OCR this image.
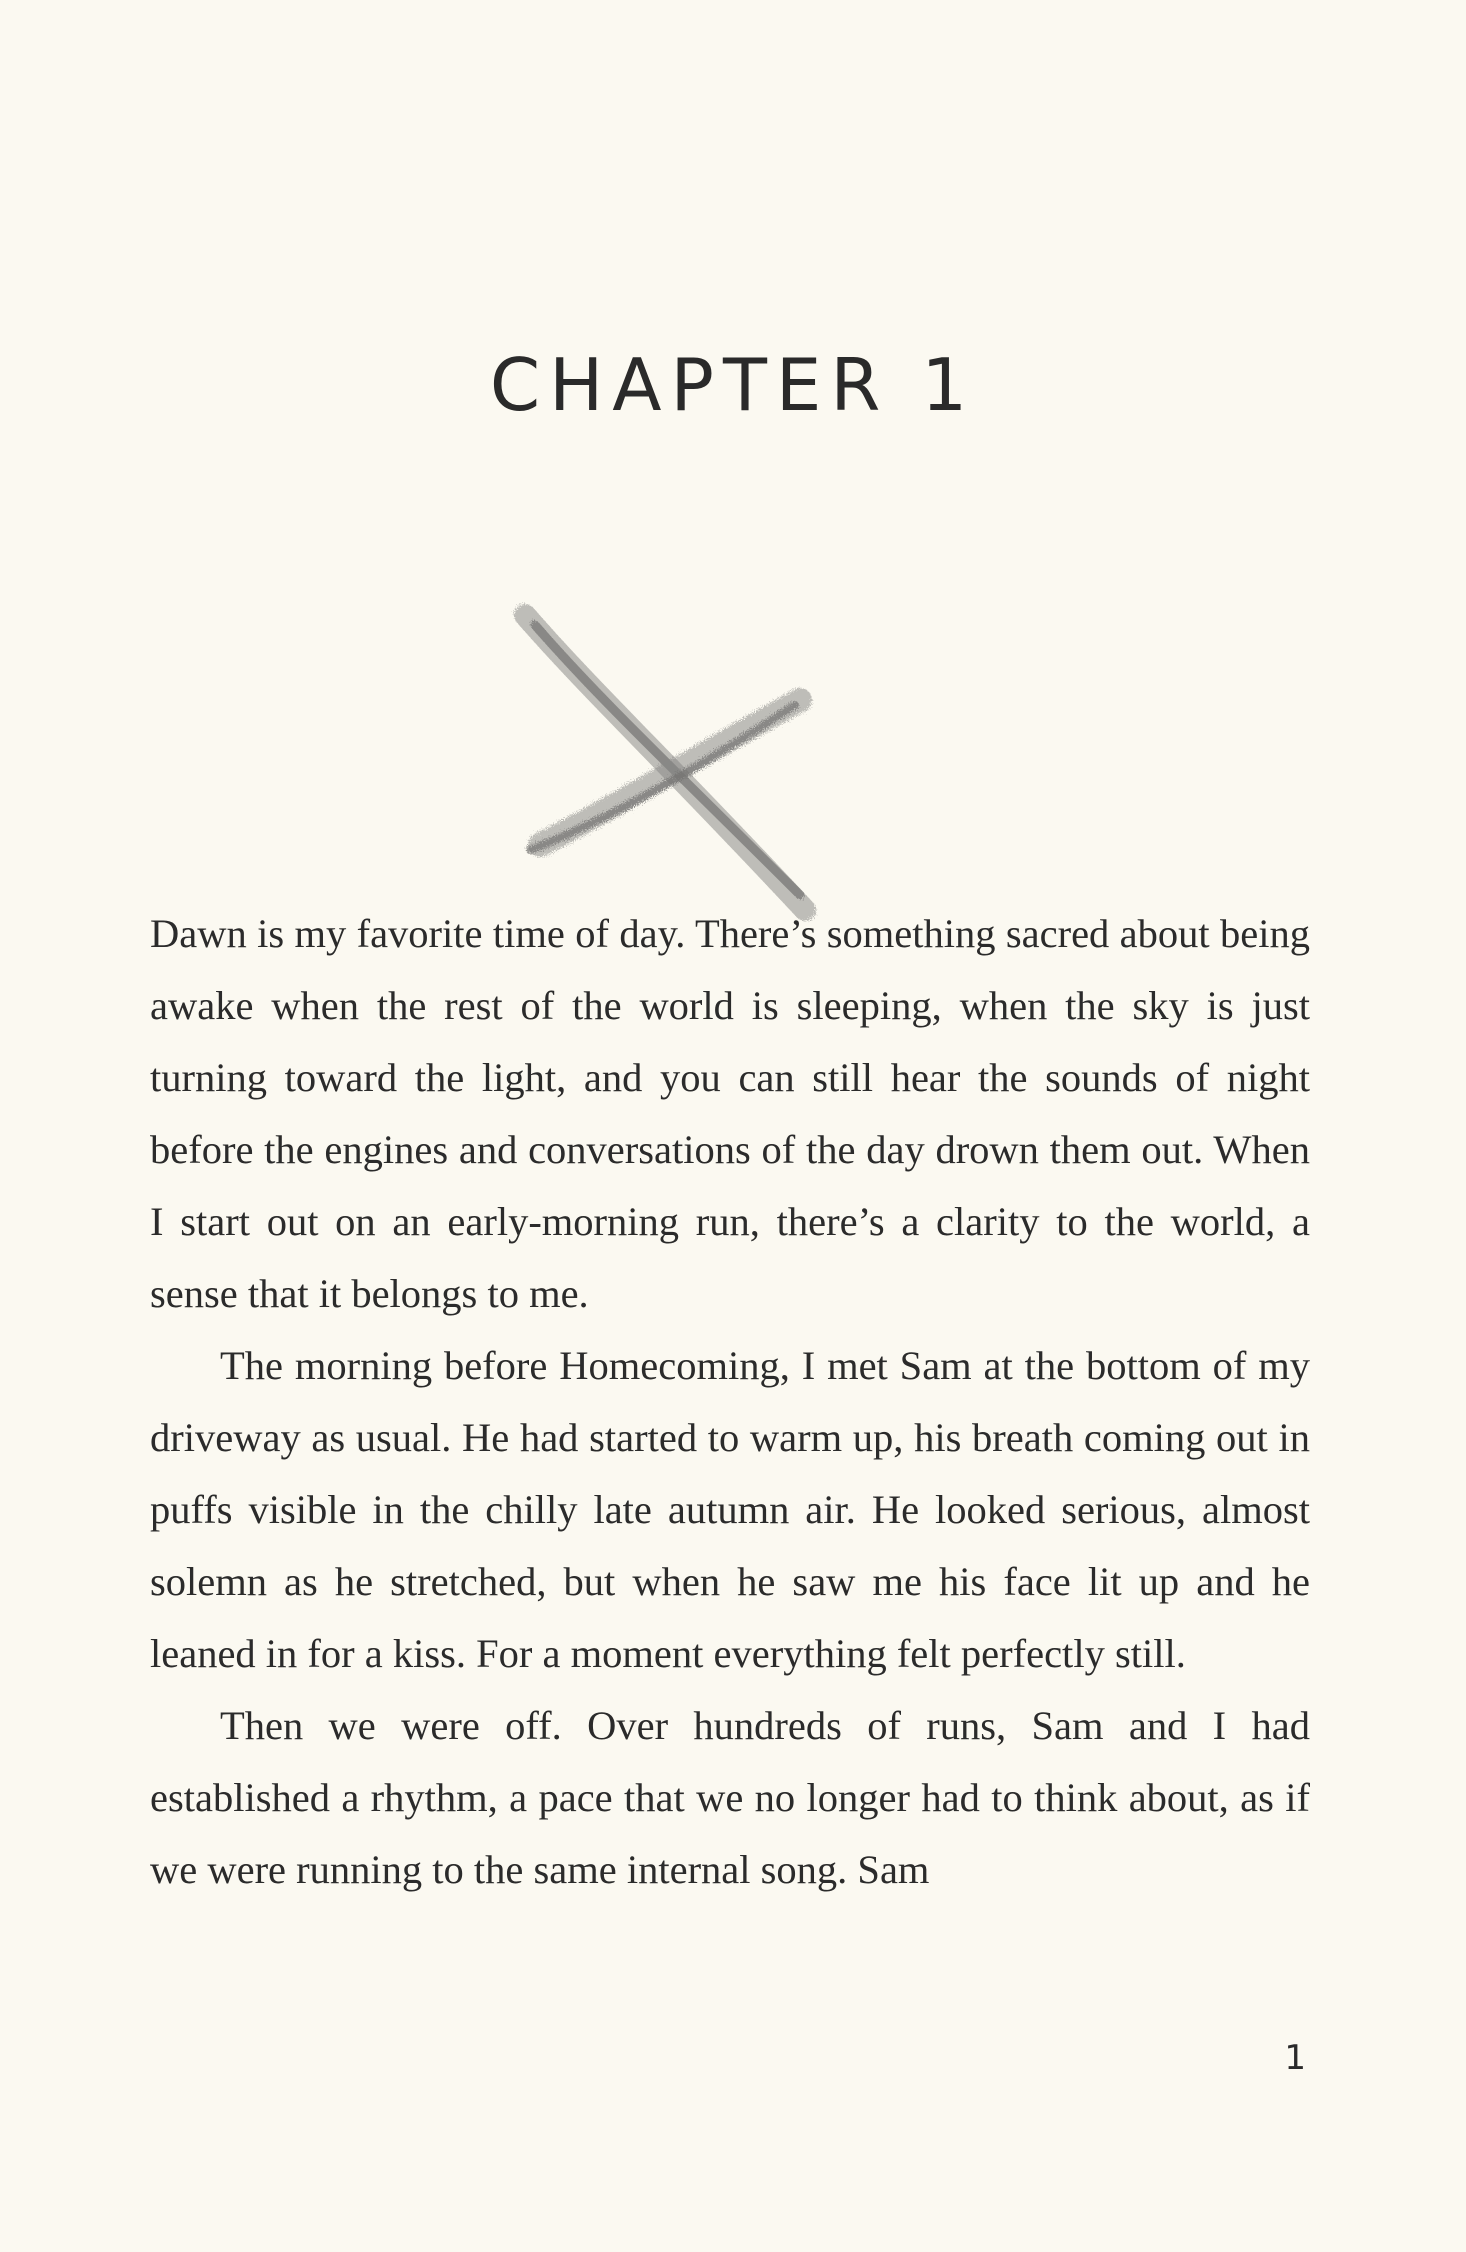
CHAPTER 1

Dawn is my favorite time of day. There’s something sacred about being awake when the rest of the world is sleeping, when the sky is just turning toward the light, and you can still hear the sounds of night before the engines and conversations of the day drown them out. When I start out on an early-morning run, there’s a clarity to the world, a sense that it belongs to me.

The morning before Homecoming, I met Sam at the bottom of my driveway as usual. He had started to warm up, his breath coming out in puffs visible in the chilly late autumn air. He looked serious, almost solemn as he stretched, but when he saw me his face lit up and he leaned in for a kiss. For a moment everything felt perfectly still.

Then we were off. Over hundreds of runs, Sam and I had established a rhythm, a pace that we no longer had to think about, as if we were running to the same internal song. Sam

1
